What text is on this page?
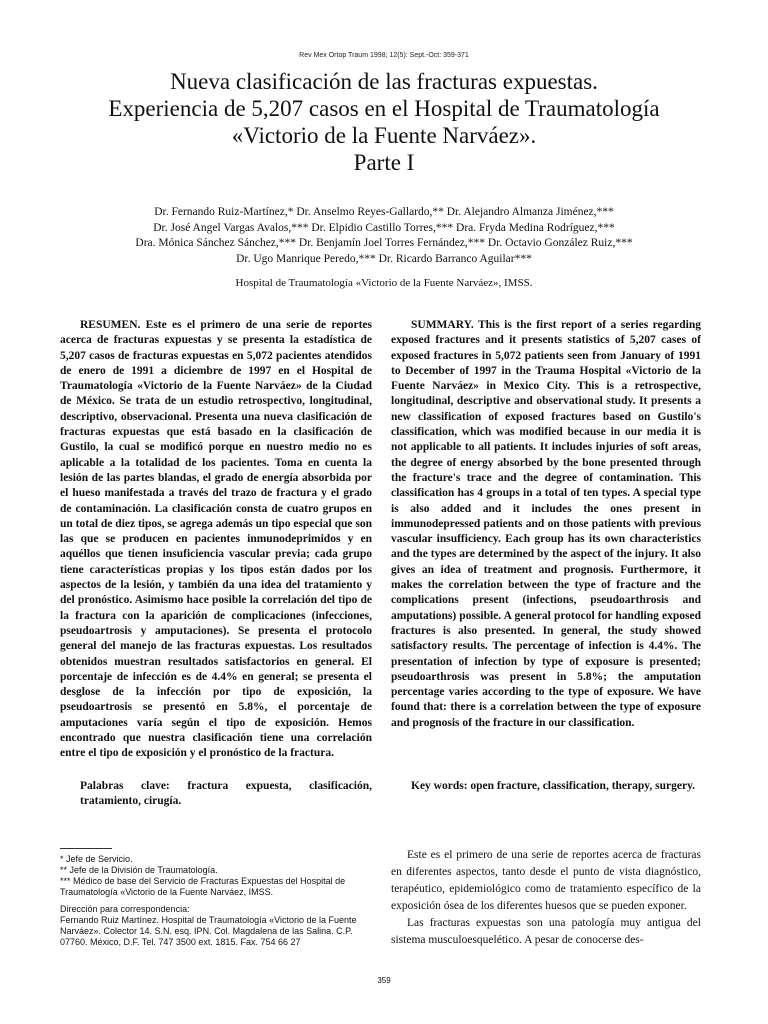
Rev Mex Ortop Traum 1998; 12(5): Sept.-Oct: 359-371
Nueva clasificación de las fracturas expuestas.
Experiencia de 5,207 casos en el Hospital de Traumatología
«Victorio de la Fuente Narváez».
Parte I
Dr. Fernando Ruiz-Martínez,* Dr. Anselmo Reyes-Gallardo,** Dr. Alejandro Almanza Jiménez,***
Dr. José Angel Vargas Avalos,*** Dr. Elpidio Castillo Torres,*** Dra. Fryda Medina Rodríguez,***
Dra. Mónica Sánchez Sánchez,*** Dr. Benjamín Joel Torres Fernández,*** Dr. Octavio González Ruiz,***
Dr. Ugo Manrique Peredo,*** Dr. Ricardo Barranco Aguilar***
Hospital de Traumatología «Victorio de la Fuente Narváez», IMSS.

RESUMEN. Este es el primero de una serie de reportes acerca de fracturas expuestas y se presenta la estadística de 5,207 casos de fracturas expuestas en 5,072 pacientes atendidos de enero de 1991 a diciembre de 1997 en el Hospital de Traumatología «Victorio de la Fuente Narváez» de la Ciudad de México. Se trata de un estudio retrospectivo, longitudinal, descriptivo, observacional. Presenta una nueva clasificación de fracturas expuestas que está basado en la clasificación de Gustilo, la cual se modificó porque en nuestro medio no es aplicable a la totalidad de los pacientes. Toma en cuenta la lesión de las partes blandas, el grado de energía absorbida por el hueso manifestada a través del trazo de fractura y el grado de contaminación. La clasificación consta de cuatro grupos en un total de diez tipos, se agrega además un tipo especial que son las que se producen en pacientes inmunodeprimidos y en aquéllos que tienen insuficiencia vascular previa; cada grupo tiene características propias y los tipos están dados por los aspectos de la lesión, y también da una idea del tratamiento y del pronóstico. Asimismo hace posible la correlación del tipo de la fractura con la aparición de complicaciones (infecciones, pseudoartrosis y amputaciones). Se presenta el protocolo general del manejo de las fracturas expuestas. Los resultados obtenidos muestran resultados satisfactorios en general. El porcentaje de infección es de 4.4% en general; se presenta el desglose de la infección por tipo de exposición, la pseudoartrosis se presentó en 5.8%, el porcentaje de amputaciones varía según el tipo de exposición. Hemos encontrado que nuestra clasificación tiene una correlación entre el tipo de exposición y el pronóstico de la fractura.

SUMMARY. This is the first report of a series regarding exposed fractures and it presents statistics of 5,207 cases of exposed fractures in 5,072 patients seen from January of 1991 to December of 1997 in the Trauma Hospital «Victorio de la Fuente Narváez» in Mexico City. This is a retrospective, longitudinal, descriptive and observational study. It presents a new classification of exposed fractures based on Gustilo's classification, which was modified because in our media it is not applicable to all patients. It includes injuries of soft areas, the degree of energy absorbed by the bone presented through the fracture's trace and the degree of contamination. This classification has 4 groups in a total of ten types. A special type is also added and it includes the ones present in immunodepressed patients and on those patients with previous vascular insufficiency. Each group has its own characteristics and the types are determined by the aspect of the injury. It also gives an idea of treatment and prognosis. Furthermore, it makes the correlation between the type of fracture and the complications present (infections, pseudoarthrosis and amputations) possible. A general protocol for handling exposed fractures is also presented. In general, the study showed satisfactory results. The percentage of infection is 4.4%. The presentation of infection by type of exposure is presented; pseudoarthrosis was present in 5.8%; the amputation percentage varies according to the type of exposure. We have found that: there is a correlation between the type of exposure and prognosis of the fracture in our classification.

Palabras clave: fractura expuesta, clasificación, tratamiento, cirugía.
Key words: open fracture, classification, therapy, surgery.
* Jefe de Servicio.
** Jefe de la División de Traumatología.
*** Médico de base del Servicio de Fracturas Expuestas del Hospital de Traumatología «Victorio de la Fuente Narváez, IMSS.
Dirección para correspondencia:
Fernando Ruiz Martínez. Hospital de Traumatología «Victorio de la Fuente Narváez». Colector 14. S.N. esq. IPN. Col. Magdalena de las Salina. C.P. 07760. México, D.F. Tel. 747 3500 ext. 1815. Fax. 754 66 27

Este es el primero de una serie de reportes acerca de fracturas en diferentes aspectos, tanto desde el punto de vista diagnóstico, terapéutico, epidemiológico como de tratamiento específico de la exposición ósea de los diferentes huesos que se pueden exponer.

Las fracturas expuestas son una patología muy antigua del sistema musculoesquelético. A pesar de conocerse des-

359
